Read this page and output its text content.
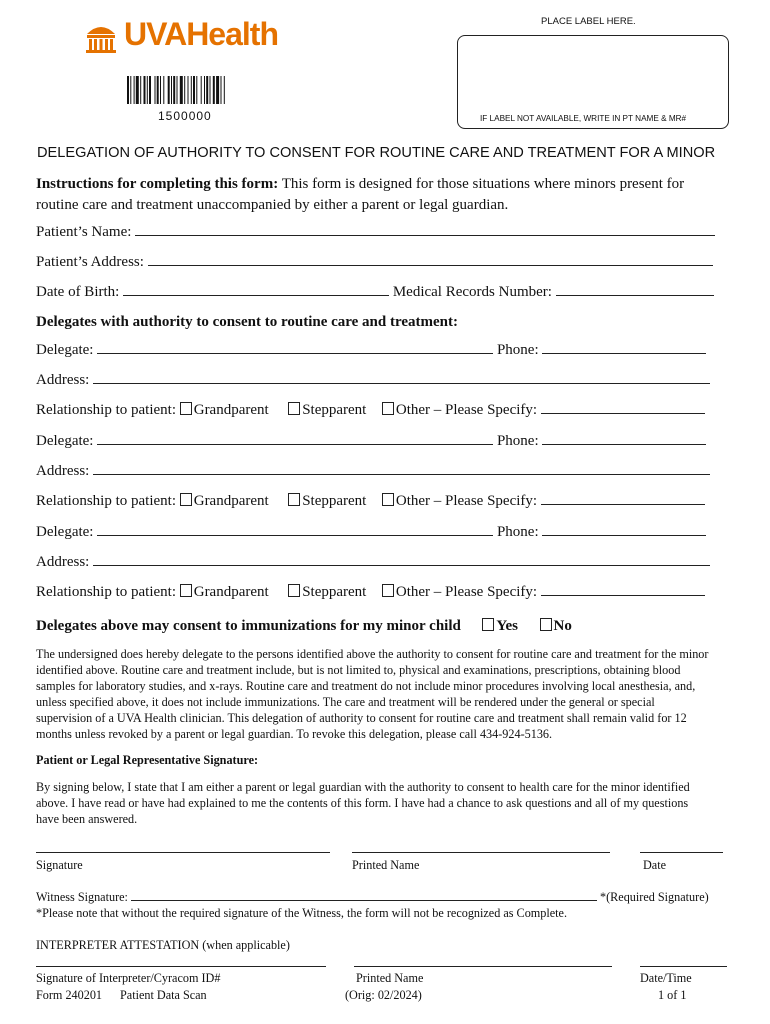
UVAHealth
1500000
PLACE LABEL HERE.
IF LABEL NOT AVAILABLE, WRITE IN PT NAME & MR#
DELEGATION OF AUTHORITY TO CONSENT FOR ROUTINE CARE AND TREATMENT FOR A MINOR
Instructions for completing this form: This form is designed for those situations where minors present for
routine care and treatment unaccompanied by either a parent or legal guardian.
Patient’s Name:
Patient’s Address:
Date of Birth:	Medical Records Number:
Delegates with authority to consent to routine care and treatment:
Delegate:	Phone:
Address:
Relationship to patient: Grandparent Stepparent Other – Please Specify:
Delegate:	Phone:
Address:
Relationship to patient: Grandparent Stepparent Other – Please Specify:
Delegate:	Phone:
Address:
Relationship to patient: Grandparent Stepparent Other – Please Specify:
Delegates above may consent to immunizations for my minor child Yes No
The undersigned does hereby delegate to the persons identified above the authority to consent for routine care and treatment for the minor
identified above. Routine care and treatment include, but is not limited to, physical and examinations, prescriptions, obtaining blood
samples for laboratory studies, and x-rays. Routine care and treatment do not include minor procedures involving local anesthesia, and,
unless specified above, it does not include immunizations. The care and treatment will be rendered under the general or special
supervision of a UVA Health clinician. This delegation of authority to consent for routine care and treatment shall remain valid for 12
months unless revoked by a parent or legal guardian. To revoke this delegation, please call 434-924-5136.
Patient or Legal Representative Signature:
By signing below, I state that I am either a parent or legal guardian with the authority to consent to health care for the minor identified
above. I have read or have had explained to me the contents of this form. I have had a chance to ask questions and all of my questions
have been answered.
Signature	Printed Name	Date
Witness Signature:	*(Required Signature)
*Please note that without the required signature of the Witness, the form will not be recognized as Complete.
INTERPRETER ATTESTATION (when applicable)
Signature of Interpreter/Cyracom ID#	Printed Name	Date/Time
Form 240201 Patient Data Scan	(Orig: 02/2024)	1 of 1
